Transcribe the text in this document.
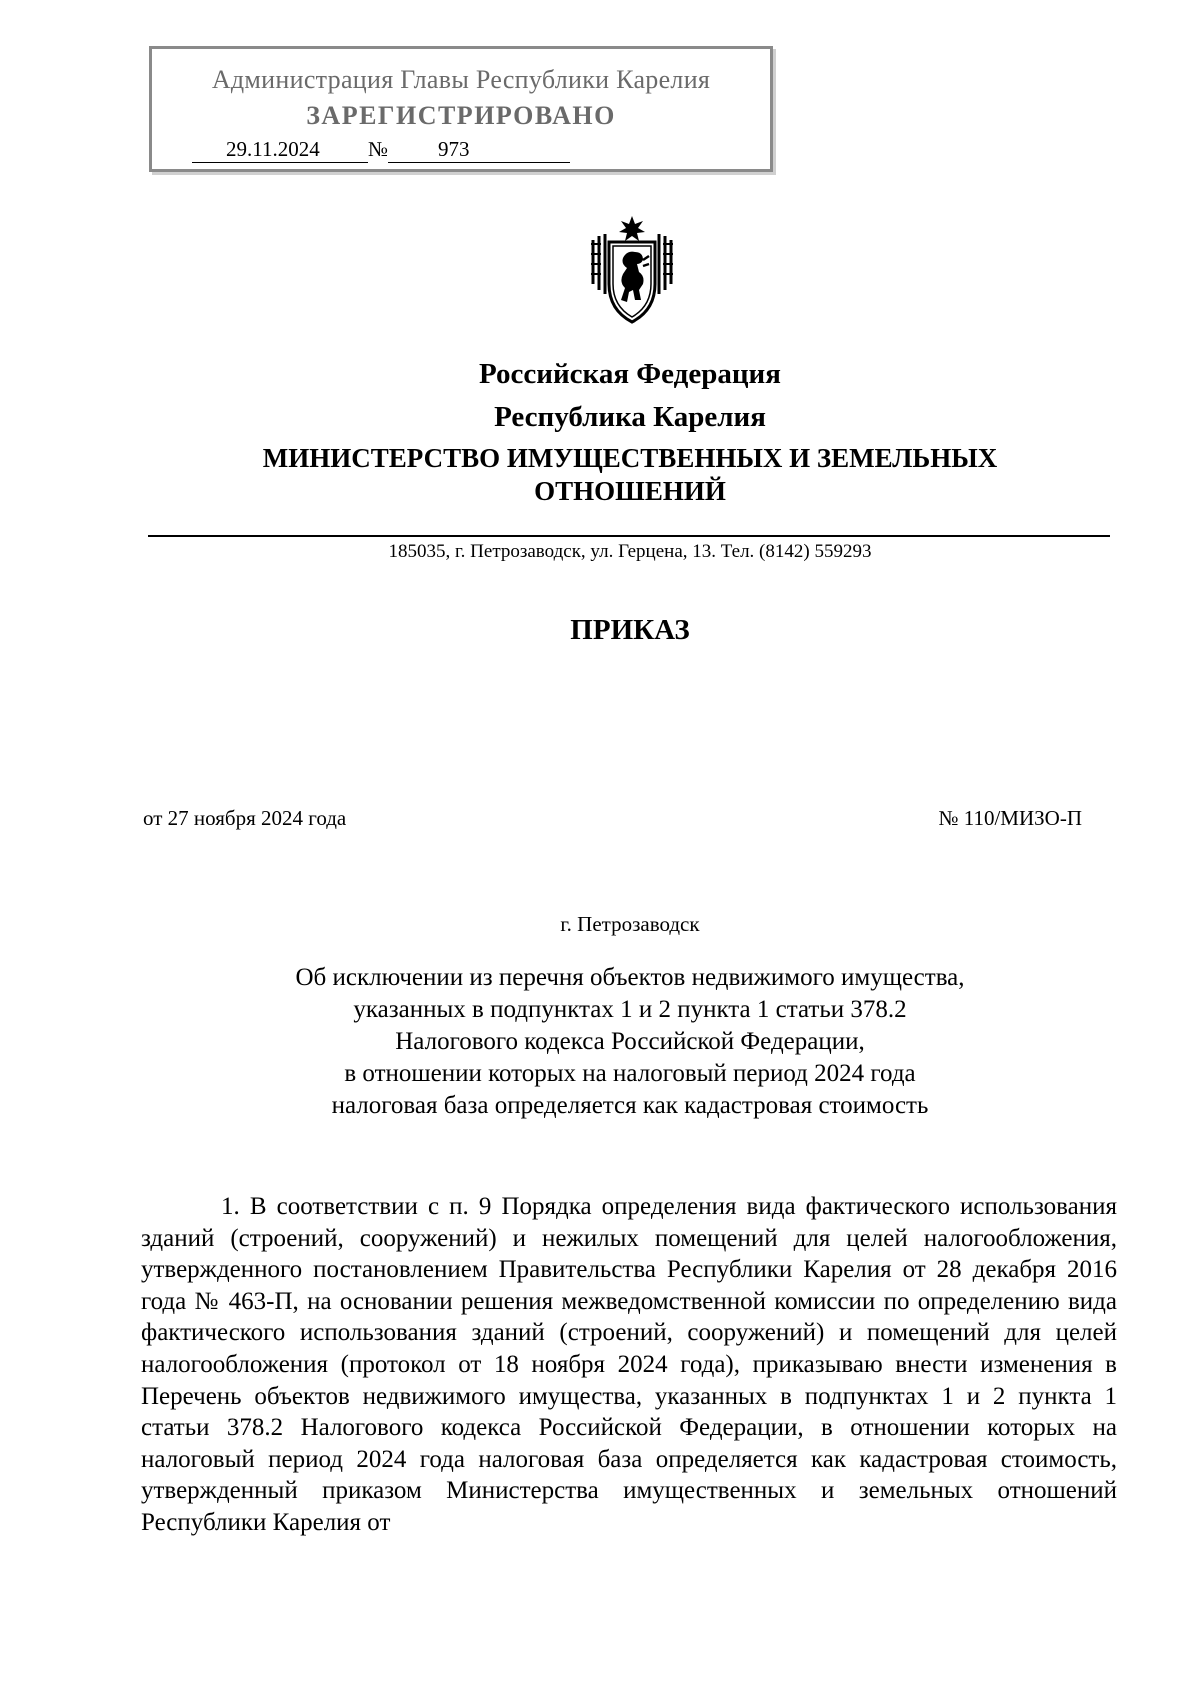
Администрация Главы Республики Карелия
ЗАРЕГИСТРИРОВАНО
29.11.2024 № 973
Российская Федерация
Республика Карелия
МИНИСТЕРСТВО ИМУЩЕСТВЕННЫХ И ЗЕМЕЛЬНЫХ ОТНОШЕНИЙ
185035, г. Петрозаводск, ул. Герцена, 13. Тел. (8142) 559293
ПРИКАЗ
от 27 ноября 2024 года	№ 110/МИЗО-П
г. Петрозаводск
Об исключении из перечня объектов недвижимого имущества,
указанных в подпунктах 1 и 2 пункта 1 статьи 378.2
Налогового кодекса Российской Федерации,
в отношении которых на налоговый период 2024 года
налоговая база определяется как кадастровая стоимость

1. В соответствии с п. 9 Порядка определения вида фактического использования зданий (строений, сооружений) и нежилых помещений для целей налогообложения, утвержденного постановлением Правительства Республики Карелия от 28 декабря 2016 года № 463-П, на основании решения межведомственной комиссии по определению вида фактического использования зданий (строений, сооружений) и помещений для целей налогообложения (протокол от 18 ноября 2024 года), приказываю внести изменения в Перечень объектов недвижимого имущества, указанных в подпунктах 1 и 2 пункта 1 статьи 378.2 Налогового кодекса Российской Федерации, в отношении которых на налоговый период 2024 года налоговая база определяется как кадастровая стоимость, утвержденный приказом Министерства имущественных и земельных отношений Республики Карелия от
